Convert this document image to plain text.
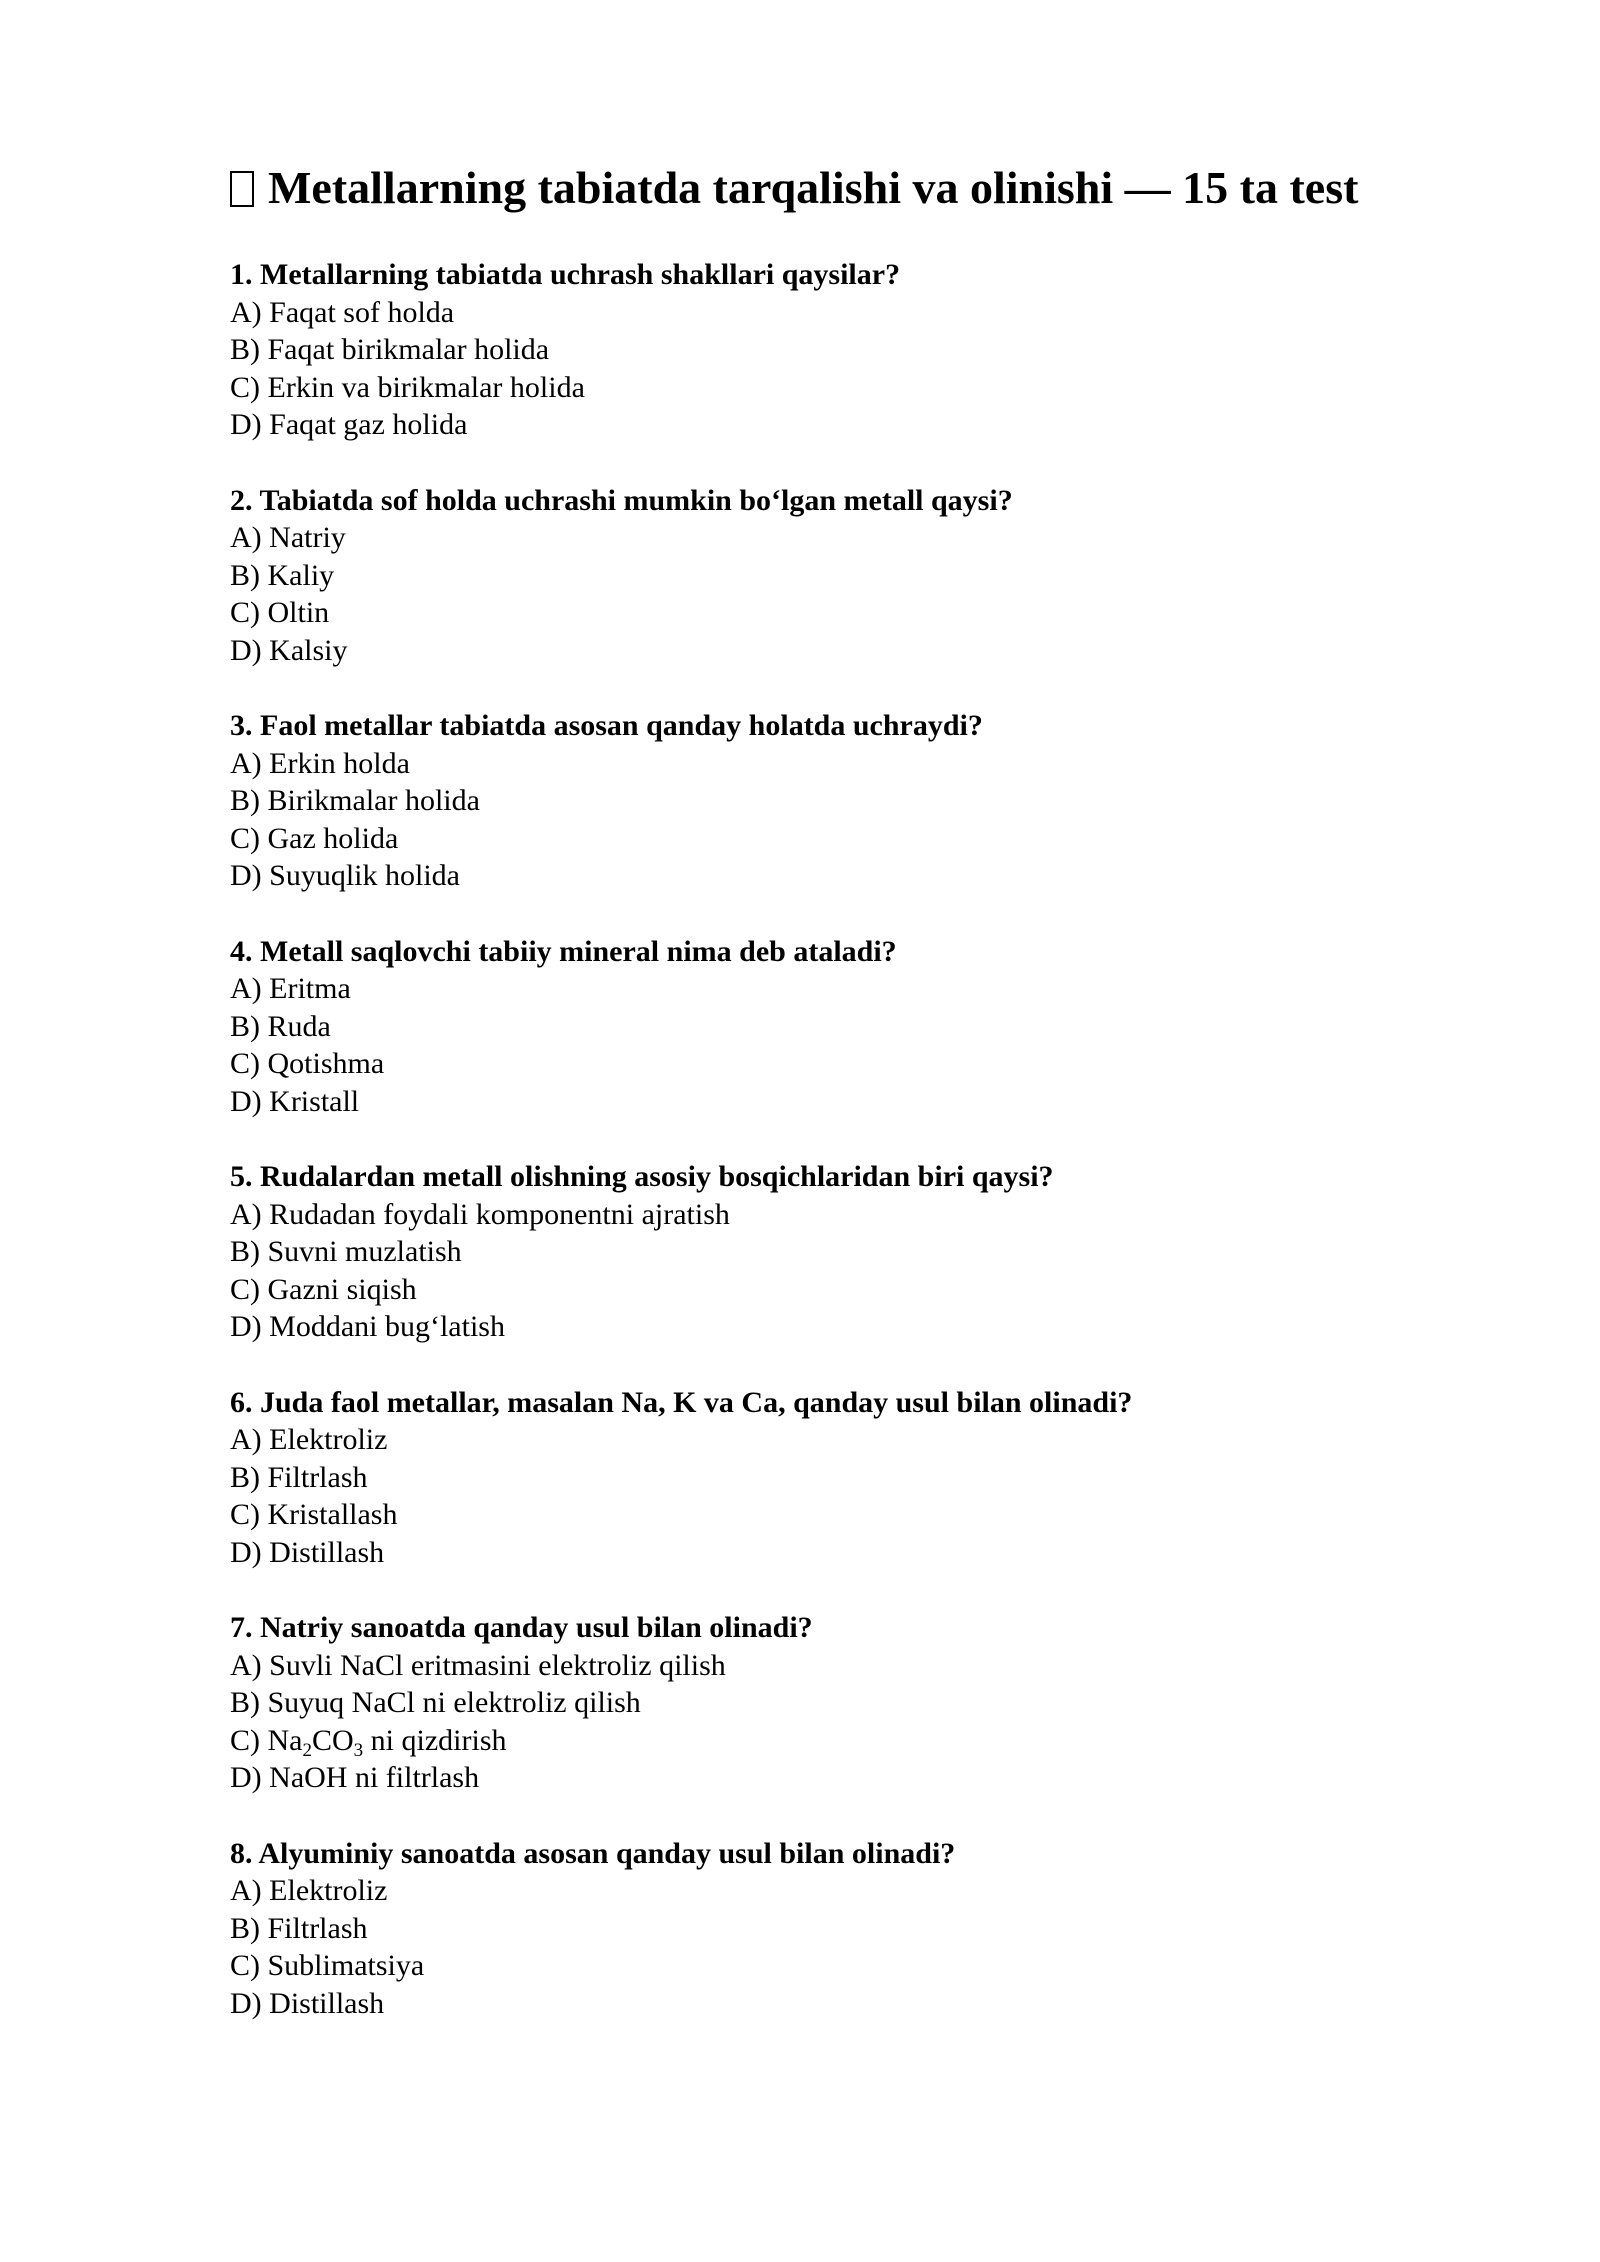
Metallarning tabiatda tarqalishi va olinishi — 15 ta test

1. Metallarning tabiatda uchrash shakllari qaysilar?

A) Faqat sof holda
B) Faqat birikmalar holida
C) Erkin va birikmalar holida
D) Faqat gaz holida

2. Tabiatda sof holda uchrashi mumkin bo‘lgan metall qaysi?

A) Natriy
B) Kaliy
C) Oltin
D) Kalsiy

3. Faol metallar tabiatda asosan qanday holatda uchraydi?

A) Erkin holda
B) Birikmalar holida
C) Gaz holida
D) Suyuqlik holida

4. Metall saqlovchi tabiiy mineral nima deb ataladi?

A) Eritma
B) Ruda
C) Qotishma
D) Kristall

5. Rudalardan metall olishning asosiy bosqichlaridan biri qaysi?

A) Rudadan foydali komponentni ajratish
B) Suvni muzlatish
C) Gazni siqish
D) Moddani bug‘latish

6. Juda faol metallar, masalan Na, K va Ca, qanday usul bilan olinadi?

A) Elektroliz
B) Filtrlash
C) Kristallash
D) Distillash

7. Natriy sanoatda qanday usul bilan olinadi?

A) Suvli NaCl eritmasini elektroliz qilish
B) Suyuq NaCl ni elektroliz qilish
C) $Na_2CO_3$ ni qizdirish
D) NaOH ni filtrlash

8. Alyuminiy sanoatda asosan qanday usul bilan olinadi?

A) Elektroliz
B) Filtrlash
C) Sublimatsiya
D) Distillash
